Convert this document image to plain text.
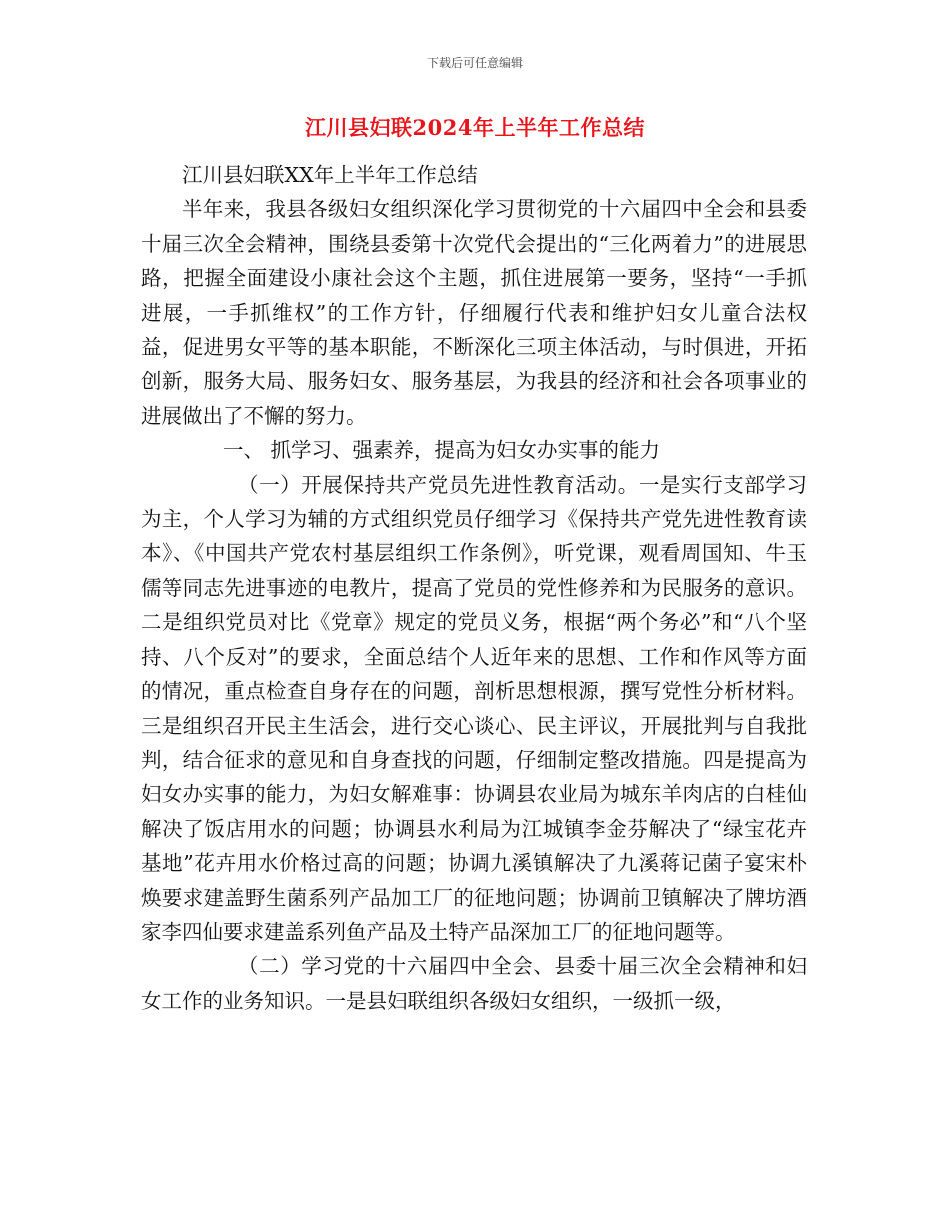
下载后可任意编辑
江川县妇联2024年上半年工作总结

江川县妇联XX年上半年工作总结

半年来，我县各级妇女组织深化学习贯彻党的十六届四中全会和县委十届三次全会精神，围绕县委第十次党代会提出的“三化两着力”的进展思路，把握全面建设小康社会这个主题，抓住进展第一要务，坚持“一手抓进展，一手抓维权”的工作方针，仔细履行代表和维护妇女儿童合法权益，促进男女平等的基本职能，不断深化三项主体活动，与时俱进，开拓创新，服务大局、服务妇女、服务基层，为我县的经济和社会各项事业的进展做出了不懈的努力。

一、 抓学习、强素养，提高为妇女办实事的能力

（一）开展保持共产党员先进性教育活动。一是实行支部学习为主，个人学习为辅的方式组织党员仔细学习《保持共产党先进性教育读本》、《中国共产党农村基层组织工作条例》，听党课，观看周国知、牛玉儒等同志先进事迹的电教片，提高了党员的党性修养和为民服务的意识。二是组织党员对比《党章》规定的党员义务，根据“两个务必”和“八个坚持、八个反对”的要求，全面总结个人近年来的思想、工作和作风等方面的情况，重点检查自身存在的问题，剖析思想根源，撰写党性分析材料。三是组织召开民主生活会，进行交心谈心、民主评议，开展批判与自我批判，结合征求的意见和自身查找的问题，仔细制定整改措施。四是提高为妇女办实事的能力，为妇女解难事：协调县农业局为城东羊肉店的白桂仙解决了饭店用水的问题；协调县水利局为江城镇李金芬解决了“绿宝花卉基地”花卉用水价格过高的问题；协调九溪镇解决了九溪蒋记菌子宴宋朴焕要求建盖野生菌系列产品加工厂的征地问题；协调前卫镇解决了牌坊酒家李四仙要求建盖系列鱼产品及土特产品深加工厂的征地问题等。

（二）学习党的十六届四中全会、县委十届三次全会精神和妇女工作的业务知识。一是县妇联组织各级妇女组织，一级抓一级，
